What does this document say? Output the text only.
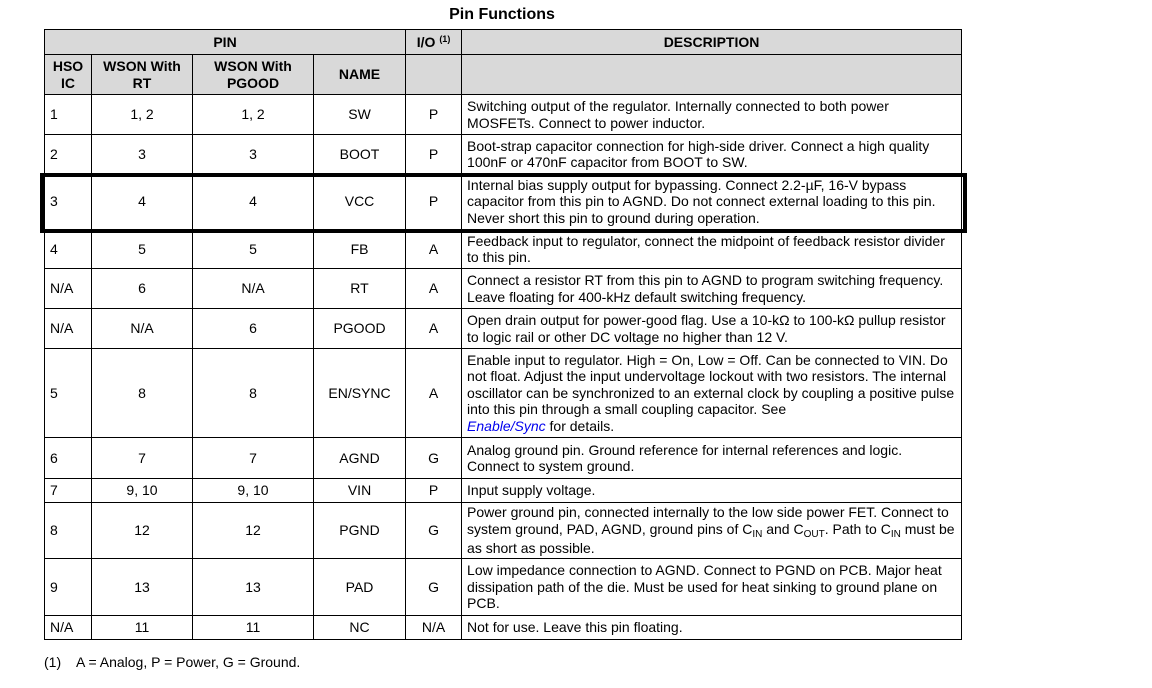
Pin Functions
PIN				I/O $^{(1)}$	DESCRIPTION
HSO IC	WSON With RT	WSON With PGOOD	NAME		
1	1, 2	1, 2	SW	P	Switching output of the regulator. Internally connected to both power MOSFETs. Connect to power inductor.
2	3	3	BOOT	P	Boot-strap capacitor connection for high-side driver. Connect a high quality 100nF or 470nF capacitor from BOOT to SW.
3	4	4	VCC	P	Internal bias supply output for bypassing. Connect 2.2-µF, 16-V bypass capacitor from this pin to AGND. Do not connect external loading to this pin. Never short this pin to ground during operation.
4	5	5	FB	A	Feedback input to regulator, connect the midpoint of feedback resistor divider to this pin.
N/A	6	N/A	RT	A	Connect a resistor RT from this pin to AGND to program switching frequency. Leave floating for 400-kHz default switching frequency.
N/A	N/A	6	PGOOD	A	Open drain output for power-good flag. Use a 10-kΩ to 100-kΩ pullup resistor to logic rail or other DC voltage no higher than 12 V.
5	8	8	EN/SYNC	A	Enable input to regulator. High = On, Low = Off. Can be connected to VIN. Do not float. Adjust the input undervoltage lockout with two resistors. The internal oscillator can be synchronized to an external clock by coupling a positive pulse into this pin through a small coupling capacitor. See
Enable/Sync for details.
6	7	7	AGND	G	Analog ground pin. Ground reference for internal references and logic. Connect to system ground.
7	9, 10	9, 10	VIN	P	Input supply voltage.
8	12	12	PGND	G	Power ground pin, connected internally to the low side power FET. Connect to system ground, PAD, AGND, ground pins of $C_{IN}$ and $C_{OUT}$. Path to $C_{IN}$ must be as short as possible.
9	13	13	PAD	G	Low impedance connection to AGND. Connect to PGND on PCB. Major heat dissipation path of the die. Must be used for heat sinking to ground plane on PCB.
N/A	11	11	NC	N/A	Not for use. Leave this pin floating.
(1) A = Analog, P = Power, G = Ground.
